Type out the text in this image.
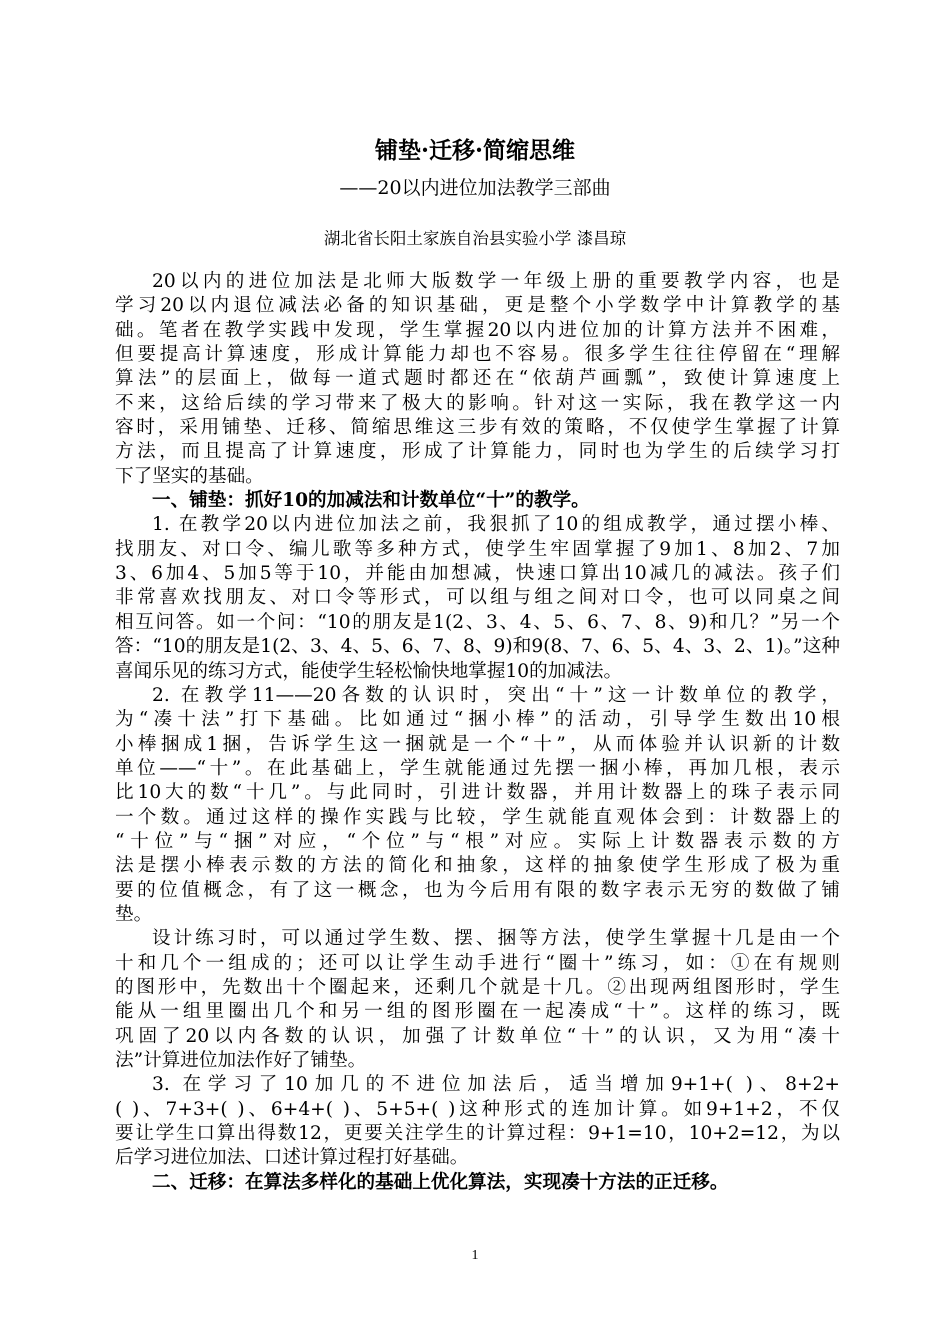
铺垫·迁移·简缩思维
——20以内进位加法教学三部曲
湖北省长阳土家族自治县实验小学 漆昌琼
20以内的进位加法是北师大版数学一年级上册的重要教学内容，也是
学习20以内退位减法必备的知识基础，更是整个小学数学中计算教学的基
础。笔者在教学实践中发现，学生掌握20以内进位加的计算方法并不困难，
但要提高计算速度，形成计算能力却也不容易。很多学生往往停留在“理解
算法”的层面上，做每一道式题时都还在“依葫芦画瓢”，致使计算速度上
不来，这给后续的学习带来了极大的影响。针对这一实际，我在教学这一内
容时，采用铺垫、迁移、简缩思维这三步有效的策略，不仅使学生掌握了计算
方法，而且提高了计算速度，形成了计算能力，同时也为学生的后续学习打
下了坚实的基础。
一、铺垫：抓好10的加减法和计数单位“十”的教学。
1. 在教学20以内进位加法之前，我狠抓了10的组成教学，通过摆小棒、
找朋友、对口令、编儿歌等多种方式，使学生牢固掌握了9加1、8加2、7加
3、6加4、5加5等于10，并能由加想减，快速口算出10减几的减法。孩子们
非常喜欢找朋友、对口令等形式，可以组与组之间对口令，也可以同桌之间
相互问答。如一个问：“10的朋友是1(2、3、4、5、6、7、8、9)和几？”另一个
答：“10的朋友是1(2、3、4、5、6、7、8、9)和9(8、7、6、5、4、3、2、1)。”这种
喜闻乐见的练习方式，能使学生轻松愉快地掌握10的加减法。
2. 在教学11——20各数的认识时，突出“十”这一计数单位的教学，
为“凑十法”打下基础。比如通过“捆小棒”的活动，引导学生数出10根
小棒捆成1捆，告诉学生这一捆就是一个“十”，从而体验并认识新的计数
单位——“十”。在此基础上，学生就能通过先摆一捆小棒，再加几根，表示
比10大的数“十几”。与此同时，引进计数器，并用计数器上的珠子表示同
一个数。通过这样的操作实践与比较，学生就能直观体会到：计数器上的
“十位”与“捆”对应，“个位”与“根”对应。实际上计数器表示数的方
法是摆小棒表示数的方法的简化和抽象，这样的抽象使学生形成了极为重
要的位值概念，有了这一概念，也为今后用有限的数字表示无穷的数做了铺
垫。
设计练习时，可以通过学生数、摆、捆等方法，使学生掌握十几是由一个
十和几个一组成的；还可以让学生动手进行“圈十”练习，如：①在有规则
的图形中，先数出十个圈起来，还剩几个就是十几。②出现两组图形时，学生
能从一组里圈出几个和另一组的图形圈在一起凑成“十”。这样的练习，既
巩固了20以内各数的认识，加强了计数单位“十”的认识，又为用“凑十
法”计算进位加法作好了铺垫。
3. 在学习了10加几的不进位加法后，适当增加9+1+( )、8+2+
( )、7+3+( )、6+4+( )、5+5+( )这种形式的连加计算。如9+1+2，不仅
要让学生口算出得数12，更要关注学生的计算过程：9+1=10，10+2=12，为以
后学习进位加法、口述计算过程打好基础。
二、迁移：在算法多样化的基础上优化算法，实现凑十方法的正迁移。
1
